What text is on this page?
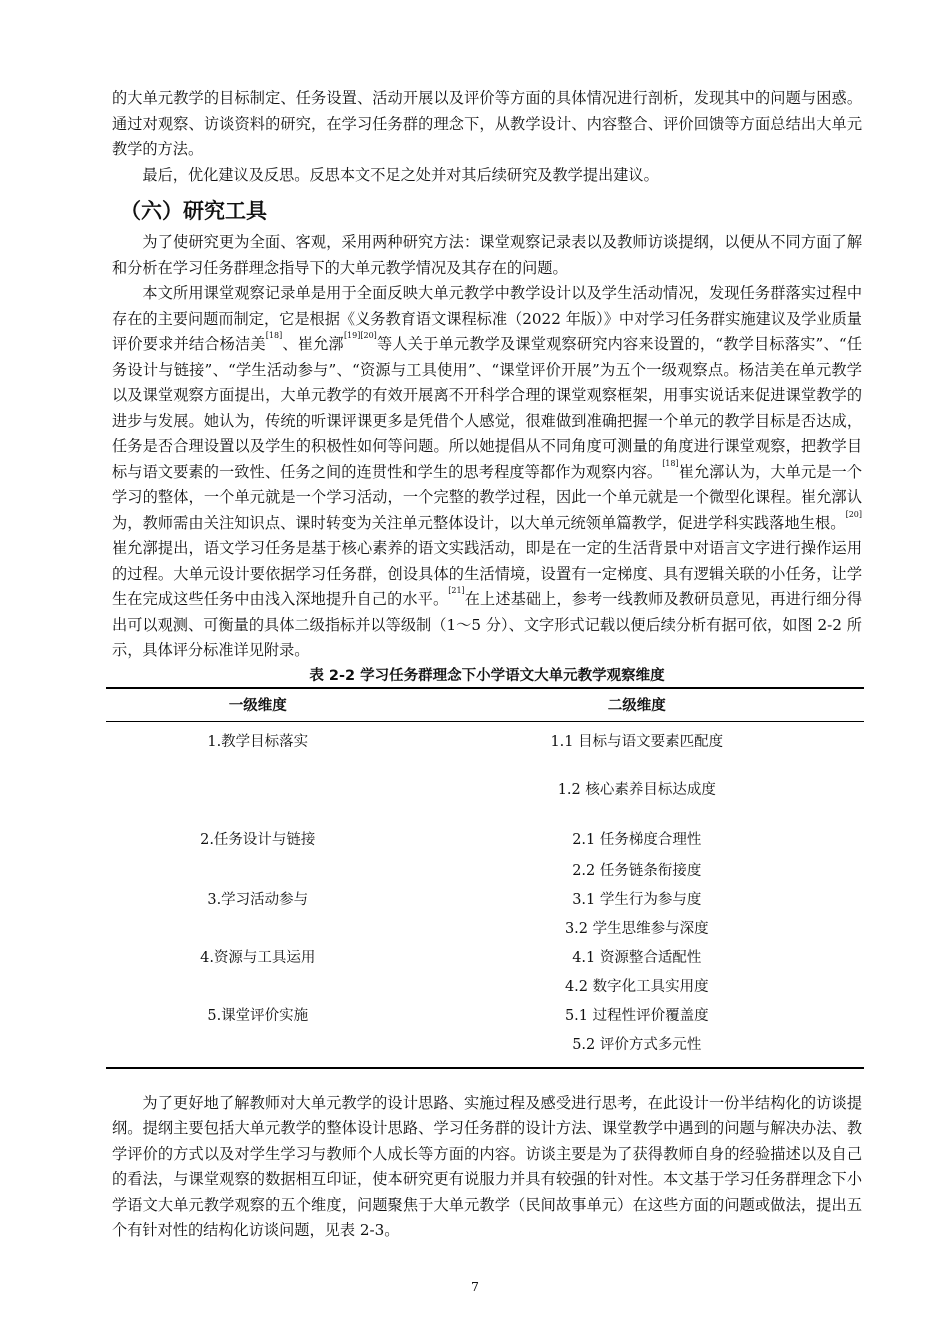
的大单元教学的目标制定、任务设置、活动开展以及评价等方面的具体情况进行剖析，发现其中的问题与困惑。通过对观察、访谈资料的研究，在学习任务群的理念下，从教学设计、内容整合、评价回馈等方面总结出大单元教学的方法。

最后，优化建议及反思。反思本文不足之处并对其后续研究及教学提出建议。

（六）研究工具

为了使研究更为全面、客观，采用两种研究方法：课堂观察记录表以及教师访谈提纲，以便从不同方面了解和分析在学习任务群理念指导下的大单元教学情况及其存在的问题。

本文所用课堂观察记录单是用于全面反映大单元教学中教学设计以及学生活动情况，发现任务群落实过程中存在的主要问题而制定，它是根据《义务教育语文课程标准（2022 年版）》中对学习任务群实施建议及学业质量评价要求并结合杨洁美[18]、崔允漷[19][20]等人关于单元教学及课堂观察研究内容来设置的，“教学目标落实”、“任务设计与链接”、“学生活动参与”、“资源与工具使用”、“课堂评价开展”为五个一级观察点。杨洁美在单元教学以及课堂观察方面提出，大单元教学的有效开展离不开科学合理的课堂观察框架，用事实说话来促进课堂教学的进步与发展。她认为，传统的听课评课更多是凭借个人感觉，很难做到准确把握一个单元的教学目标是否达成，任务是否合理设置以及学生的积极性如何等问题。所以她提倡从不同角度可测量的角度进行课堂观察，把教学目标与语文要素的一致性、任务之间的连贯性和学生的思考程度等都作为观察内容。[18]崔允漷认为，大单元是一个学习的整体，一个单元就是一个学习活动，一个完整的教学过程，因此一个单元就是一个微型化课程。崔允漷认为，教师需由关注知识点、课时转变为关注单元整体设计，以大单元统领单篇教学，促进学科实践落地生根。[20]崔允漷提出，语文学习任务是基于核心素养的语文实践活动，即是在一定的生活背景中对语言文字进行操作运用的过程。大单元设计要依据学习任务群，创设具体的生活情境，设置有一定梯度、具有逻辑关联的小任务，让学生在完成这些任务中由浅入深地提升自己的水平。[21]在上述基础上，参考一线教师及教研员意见，再进行细分得出可以观测、可衡量的具体二级指标并以等级制（1～5 分）、文字形式记载以便后续分析有据可依，如图 2-2 所示，具体评分标准详见附录。

表 2-2 学习任务群理念下小学语文大单元教学观察维度
一级维度	二级维度
1.教学目标落实	1.1 目标与语文要素匹配度
	1.2 核心素养目标达成度
2.任务设计与链接	2.1 任务梯度合理性
	2.2 任务链条衔接度
3.学习活动参与	3.1 学生行为参与度
	3.2 学生思维参与深度
4.资源与工具运用	4.1 资源整合适配性
	4.2 数字化工具实用度
5.课堂评价实施	5.1 过程性评价覆盖度
	5.2 评价方式多元性

为了更好地了解教师对大单元教学的设计思路、实施过程及感受进行思考，在此设计一份半结构化的访谈提纲。提纲主要包括大单元教学的整体设计思路、学习任务群的设计方法、课堂教学中遇到的问题与解决办法、教学评价的方式以及对学生学习与教师个人成长等方面的内容。访谈主要是为了获得教师自身的经验描述以及自己的看法，与课堂观察的数据相互印证，使本研究更有说服力并具有较强的针对性。本文基于学习任务群理念下小学语文大单元教学观察的五个维度，问题聚焦于大单元教学（民间故事单元）在这些方面的问题或做法，提出五个有针对性的结构化访谈问题，见表 2-3。

7
